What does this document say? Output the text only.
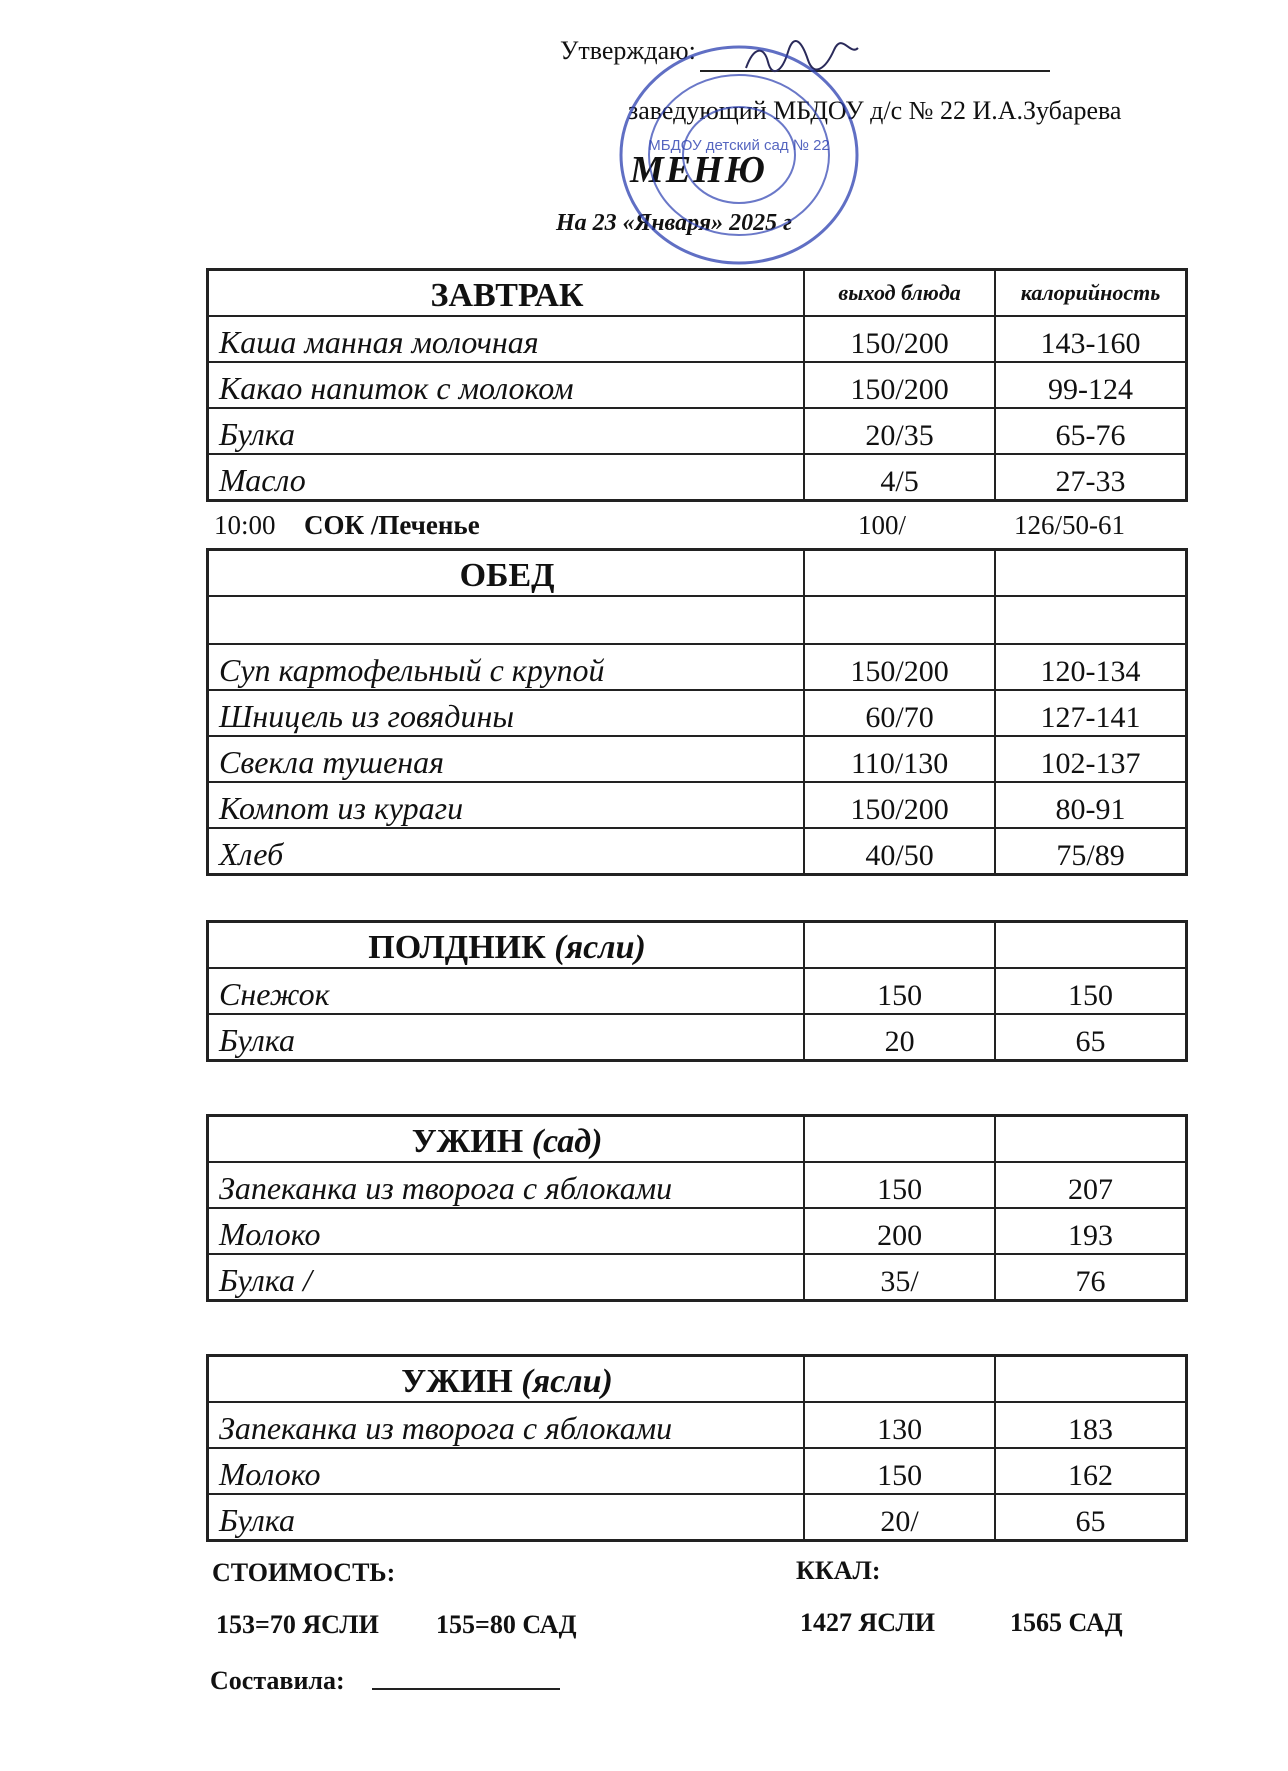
Утверждаю:
заведующий МБДОУ д/с № 22 И.А.Зубарева
МЕНЮ
На 23 «Января» 2025 г
МБДОУ детский сад № 22
ЗАВТРАК	выход блюда	калорийность
Каша манная молочная	150/200	143-160
Какао напиток с молоком	150/200	99-124
Булка	20/35	65-76
Масло	4/5	27-33
10:00 СОК /Печенье	100/	126/50-61
ОБЕД		

Суп картофельный с крупой	150/200	120-134
Шницель из говядины	60/70	127-141
Свекла тушеная	110/130	102-137
Компот из кураги	150/200	80-91
Хлеб	40/50	75/89
ПОЛДНИК (ясли)		
Снежок	150	150
Булка	20	65
УЖИН (сад)		
Запеканка из творога с яблоками	150	207
Молоко	200	193
Булка /	35/	76
УЖИН (ясли)		
Запеканка из творога с яблоками	130	183
Молоко	150	162
Булка	20/	65
СТОИМОСТЬ:	ККАЛ:
153=70 ЯСЛИ 155=80 САД	1427 ЯСЛИ	1565 САД
Составила:
